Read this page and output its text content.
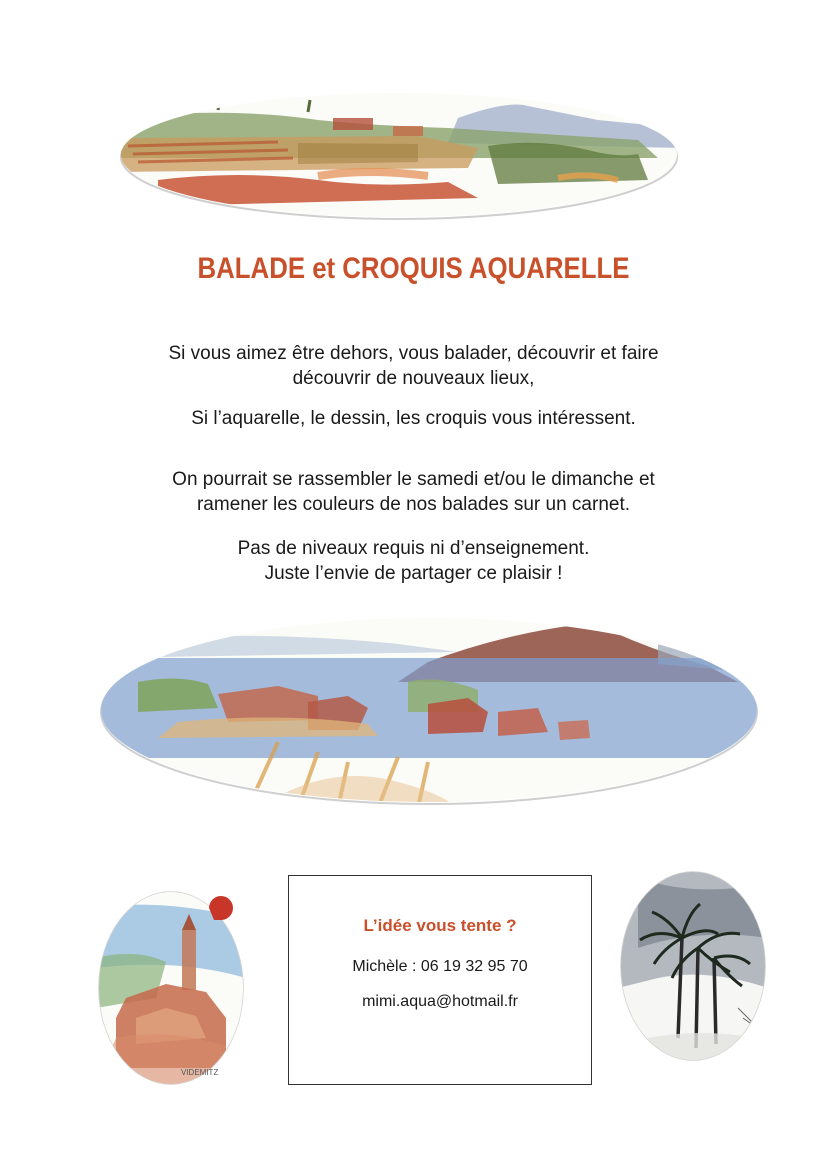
BALADE et CROQUIS AQUARELLE

Si vous aimez être dehors, vous balader, découvrir et faire
découvrir de nouveaux lieux,

Si l’aquarelle, le dessin, les croquis vous intéressent.

On pourrait se rassembler le samedi et/ou le dimanche et
ramener les couleurs de nos balades sur un carnet.

Pas de niveaux requis ni d’enseignement.
Juste l’envie de partager ce plaisir !

VIDEMITZ

L’idée vous tente ?

Michèle : 06 19 32 95 70

mimi.aqua@hotmail.fr
